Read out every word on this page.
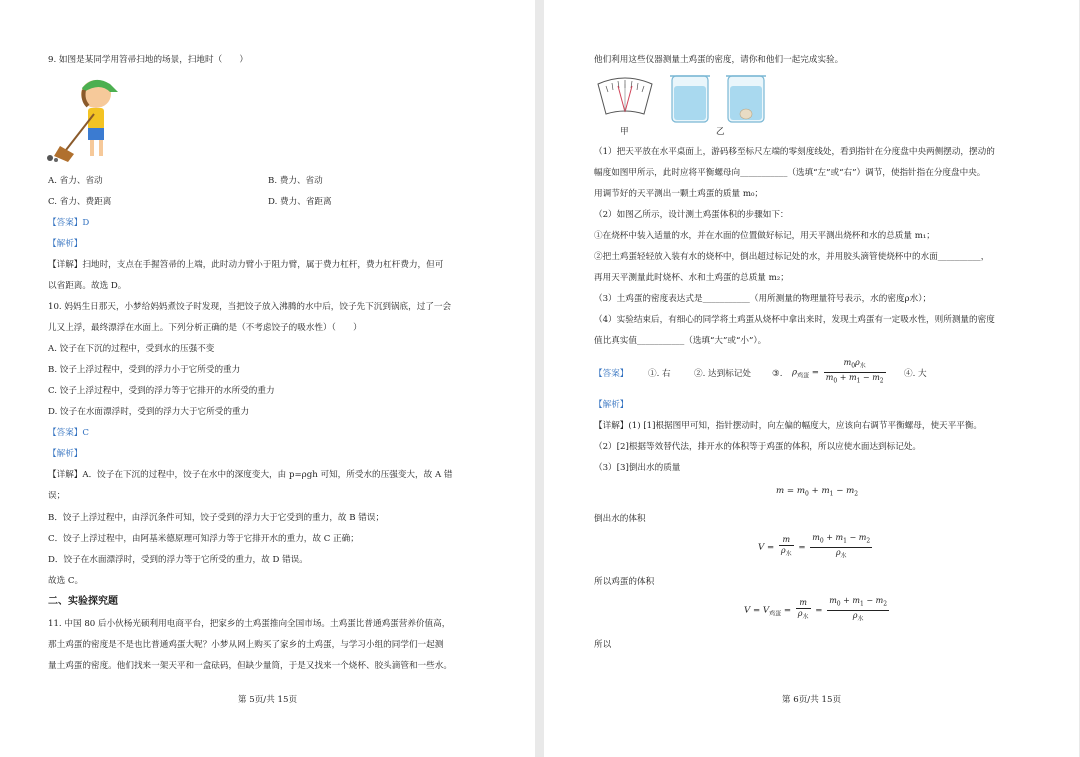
9. 如图是某同学用笤帚扫地的场景，扫地时（　　）
A. 省力、省动	B. 费力、省动
C. 省力、费距离	D. 费力、省距离
【答案】D
【解析】
【详解】扫地时，支点在手握笤帚的上端，此时动力臂小于阻力臂，属于费力杠杆，费力杠杆费力，但可
以省距离。故选 D。
10. 妈妈生日那天，小梦给妈妈煮饺子时发现，当把饺子放入沸腾的水中后，饺子先下沉到锅底，过了一会
儿又上浮，最终漂浮在水面上。下列分析正确的是（不考虑饺子的吸水性）（　　）
A. 饺子在下沉的过程中，受到水的压强不变
B. 饺子上浮过程中，受到的浮力小于它所受的重力
C. 饺子上浮过程中，受到的浮力等于它排开的水所受的重力
D. 饺子在水面漂浮时，受到的浮力大于它所受的重力
【答案】C
【解析】
【详解】A．饺子在下沉的过程中，饺子在水中的深度变大，由 p=ρgh 可知，所受水的压强变大，故 A 错
误；
B．饺子上浮过程中，由浮沉条件可知，饺子受到的浮力大于它受到的重力，故 B 错误；
C．饺子上浮过程中，由阿基米德原理可知浮力等于它排开水的重力，故 C 正确；
D．饺子在水面漂浮时，受到的浮力等于它所受的重力，故 D 错误。
故选 C。
二、实验探究题
11. 中国 80 后小伙杨光硕利用电商平台，把家乡的土鸡蛋推向全国市场。土鸡蛋比普通鸡蛋营养价值高，
那土鸡蛋的密度是不是也比普通鸡蛋大呢？小梦从网上购买了家乡的土鸡蛋，与学习小组的同学们一起测
量土鸡蛋的密度。他们找来一架天平和一盒砝码，但缺少量筒，于是又找来一个烧杯、胶头滴管和一些水。
第 5页/共 15页
他们利用这些仪器测量土鸡蛋的密度，请你和他们一起完成实验。
甲	乙
（1）把天平放在水平桌面上，游码移至标尺左端的零刻度线处，看到指针在分度盘中央两侧摆动，摆动的
幅度如图甲所示，此时应将平衡螺母向___________（选填“左”或“右”）调节，使指针指在分度盘中央。
用调节好的天平测出一颗土鸡蛋的质量 m₀；
（2）如图乙所示，设计测土鸡蛋体积的步骤如下：
①在烧杯中装入适量的水，并在水面的位置做好标记，用天平测出烧杯和水的总质量 m₁；
②把土鸡蛋轻轻放入装有水的烧杯中，倒出超过标记处的水，并用胶头滴管使烧杯中的水面__________，
再用天平测量此时烧杯、水和土鸡蛋的总质量 m₂；
（3）土鸡蛋的密度表达式是___________（用所测量的物理量符号表示，水的密度ρ水）；
（4）实验结束后，有细心的同学将土鸡蛋从烧杯中拿出来时，发现土鸡蛋有一定吸水性，则所测量的密度
值比真实值___________（选填“大”或“小”）。
【答案】 ①. 右	②. 达到标记处 ③. $\rho_{鸡蛋} = \frac{m_0\rho_水}{m_0 + m_1 - m_2}$ ④. 大
【解析】
【详解】(1) [1]根据图甲可知，指针摆动时，向左偏的幅度大，应该向右调节平衡螺母，使天平平衡。
（2）[2]根据等效替代法，排开水的体积等于鸡蛋的体积，所以应使水面达到标记处。
（3）[3]倒出水的质量
$m = m_0 + m_1 - m_2$
倒出水的体积
$V = \frac{m}{\rho_水} = \frac{m_0 + m_1 - m_2}{\rho_水}$
所以鸡蛋的体积
$V = V_{鸡蛋} = \frac{m}{\rho_水} = \frac{m_0 + m_1 - m_2}{\rho_水}$
所以
第 6页/共 15页
